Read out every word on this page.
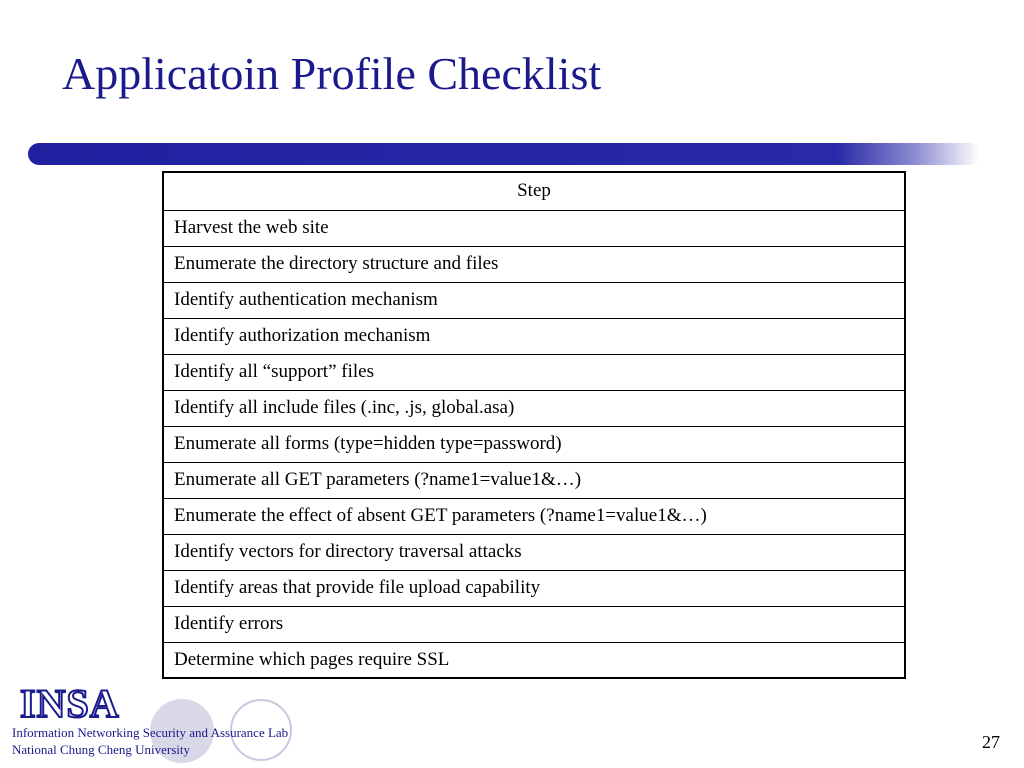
Applicatoin Profile Checklist
Step
Harvest the web site
Enumerate the directory structure and files
Identify authentication mechanism
Identify authorization mechanism
Identify all “support” files
Identify all include files (.inc, .js, global.asa)
Enumerate all forms (type=hidden type=password)
Enumerate all GET parameters (?name1=value1&…)
Enumerate the effect of absent GET parameters (?name1=value1&…)
Identify vectors for directory traversal attacks
Identify areas that provide file upload capability
Identify errors
Determine which pages require SSL
INSA
Information Networking Security and Assurance Lab
National Chung Cheng University	27
